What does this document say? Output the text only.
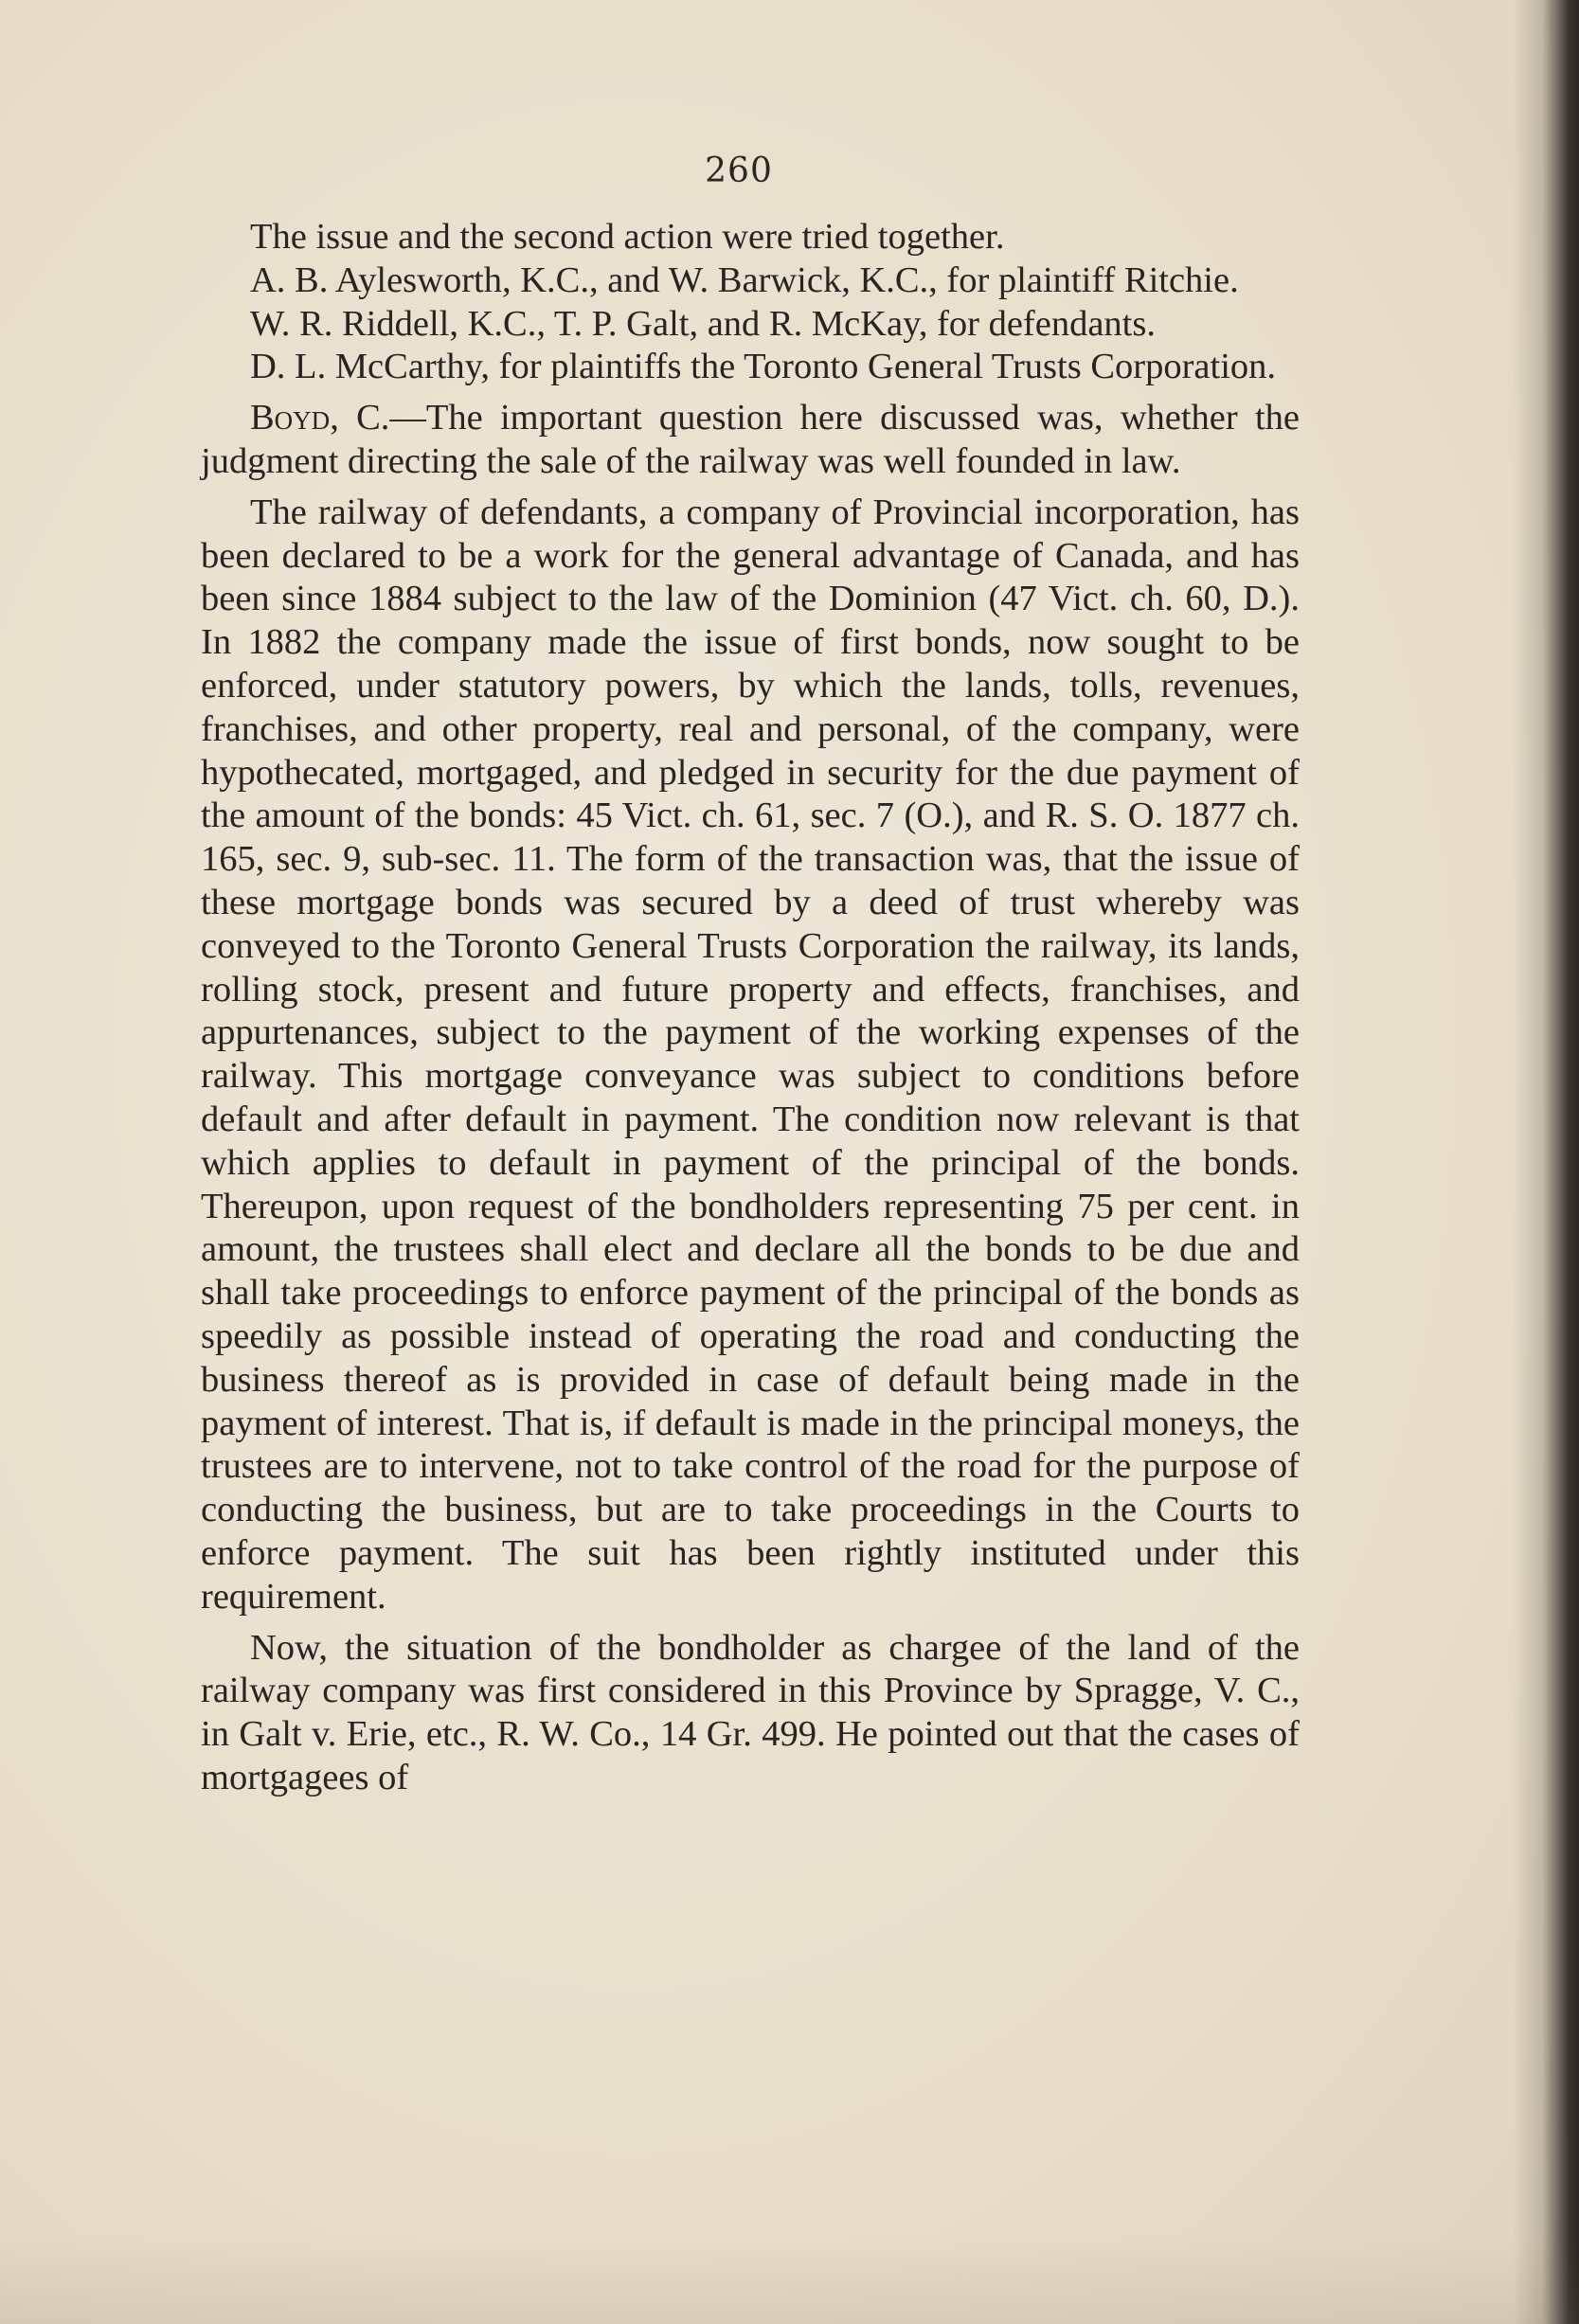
260

The issue and the second action were tried together.

A. B. Aylesworth, K.C., and W. Barwick, K.C., for plaintiff Ritchie.

W. R. Riddell, K.C., T. P. Galt, and R. McKay, for defendants.

D. L. McCarthy, for plaintiffs the Toronto General Trusts Corporation.

Boyd, C.—The important question here discussed was, whether the judgment directing the sale of the railway was well founded in law.

The railway of defendants, a company of Provincial incorporation, has been declared to be a work for the general advantage of Canada, and has been since 1884 subject to the law of the Dominion (47 Vict. ch. 60, D.). In 1882 the company made the issue of first bonds, now sought to be enforced, under statutory powers, by which the lands, tolls, revenues, franchises, and other property, real and personal, of the company, were hypothecated, mortgaged, and pledged in security for the due payment of the amount of the bonds: 45 Vict. ch. 61, sec. 7 (O.), and R. S. O. 1877 ch. 165, sec. 9, sub-sec. 11. The form of the transaction was, that the issue of these mortgage bonds was secured by a deed of trust whereby was conveyed to the Toronto General Trusts Corporation the railway, its lands, rolling stock, present and future property and effects, franchises, and appurtenances, subject to the payment of the working expenses of the railway. This mortgage conveyance was subject to conditions before default and after default in payment. The condition now relevant is that which applies to default in payment of the principal of the bonds. Thereupon, upon request of the bondholders representing 75 per cent. in amount, the trustees shall elect and declare all the bonds to be due and shall take proceedings to enforce payment of the principal of the bonds as speedily as possible instead of operating the road and conducting the business thereof as is provided in case of default being made in the payment of interest. That is, if default is made in the principal moneys, the trustees are to intervene, not to take control of the road for the purpose of conducting the business, but are to take proceedings in the Courts to enforce payment. The suit has been rightly instituted under this requirement.

Now, the situation of the bondholder as chargee of the land of the railway company was first considered in this Province by Spragge, V. C., in Galt v. Erie, etc., R. W. Co., 14 Gr. 499. He pointed out that the cases of mortgagees of
